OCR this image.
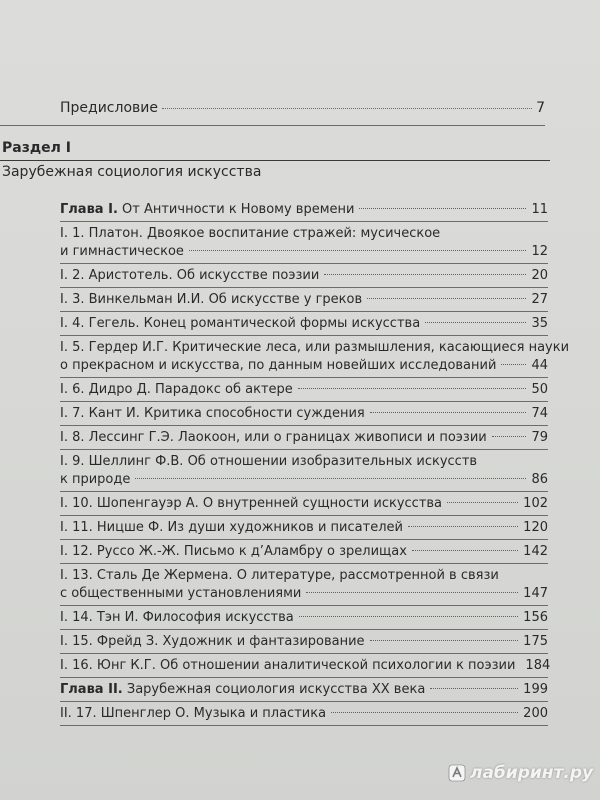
Предисловие	7
Раздел I
Зарубежная социология искусства
Глава I. От Античности к Новому времени	11
I. 1. Платон. Двоякое воспитание стражей: мусическое
и гимнастическое	12
I. 2. Аристотель. Об искусстве поэзии	20
I. 3. Винкельман И.И. Об искусстве у греков	27
I. 4. Гегель. Конец романтической формы искусства	35
I. 5. Гердер И.Г. Критические леса, или размышления, касающиеся науки
о прекрасном и искусства, по данным новейших исследований	44
I. 6. Дидро Д. Парадокс об актере	50
I. 7. Кант И. Критика способности суждения	74
I. 8. Лессинг Г.Э. Лаокоон, или о границах живописи и поэзии	79
I. 9. Шеллинг Ф.В. Об отношении изобразительных искусств
к природе	86
I. 10. Шопенгауэр А. О внутренней сущности искусства	102
I. 11. Ницше Ф. Из души художников и писателей	120
I. 12. Руссо Ж.-Ж. Письмо к д’Аламбру о зрелищах	142
I. 13. Сталь Де Жермена. О литературе, рассмотренной в связи
с общественными установлениями	147
I. 14. Тэн И. Философия искусства	156
I. 15. Фрейд З. Художник и фантазирование	175
I. 16. Юнг К.Г. Об отношении аналитической психологии к поэзии 184
Глава II. Зарубежная социология искусства XX века	199
II. 17. Шпенглер О. Музыка и пластика	200
лабиринт.ру
